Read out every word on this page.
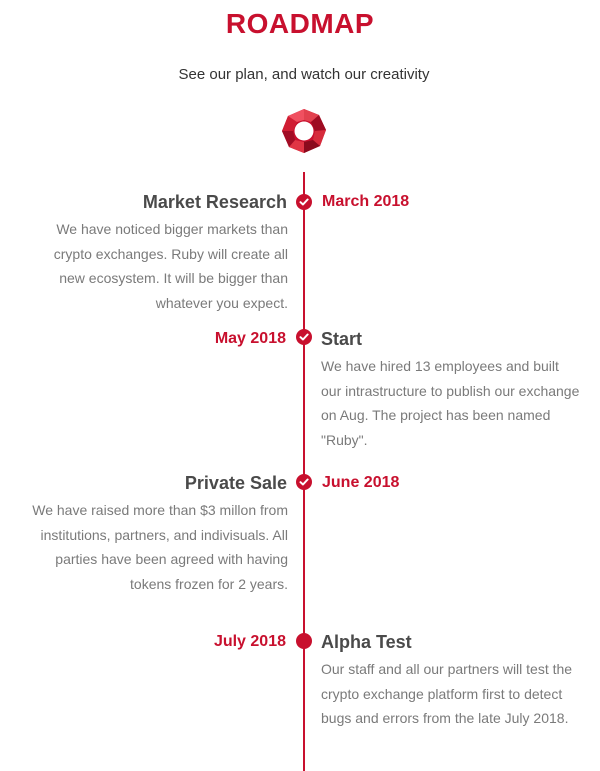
ROADMAP
See our plan, and watch our creativity
Market Research March 2018
We have noticed bigger markets than crypto exchanges. Ruby will create all new ecosystem. It will be bigger than whatever you expect.
May 2018 Start
We have hired 13 employees and built our intrastructure to publish our exchange on Aug. The project has been named "Ruby".
Private Sale June 2018
We have raised more than $3 millon from institutions, partners, and indivisuals. All parties have been agreed with having tokens frozen for 2 years.
July 2018 Alpha Test
Our staff and all our partners will test the crypto exchange platform first to detect bugs and errors from the late July 2018.
